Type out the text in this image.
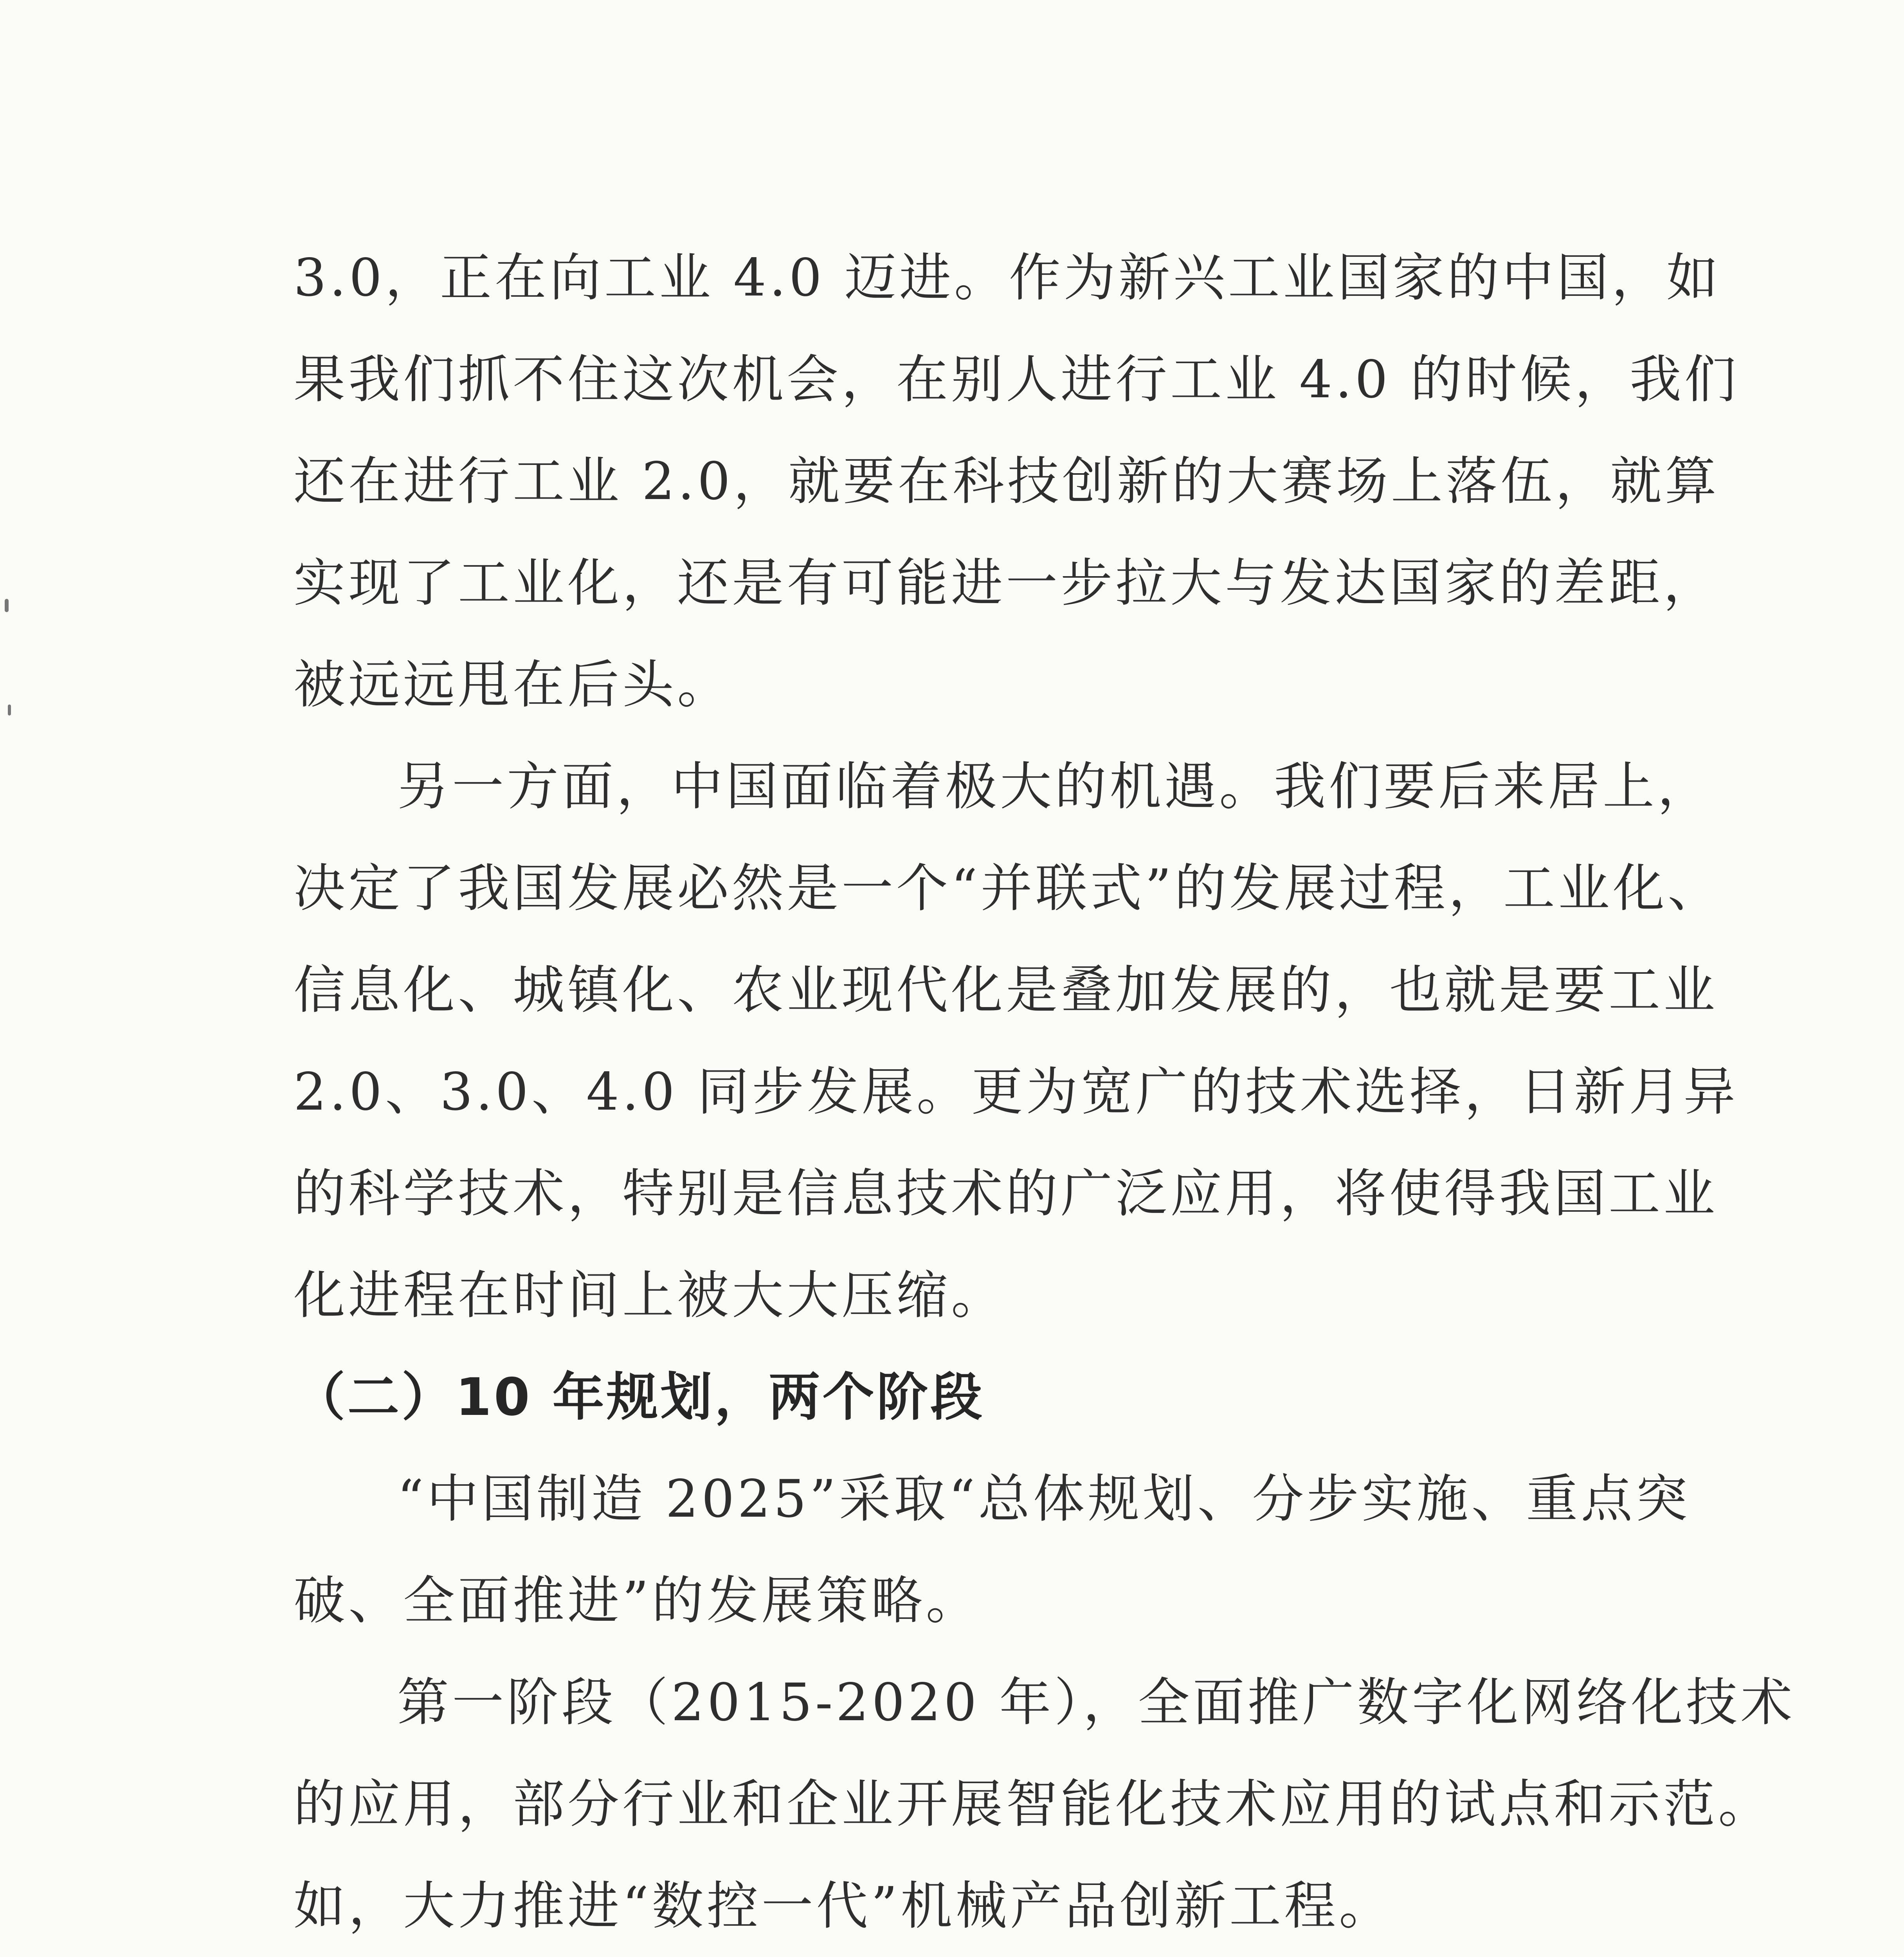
3.0，正在向工业 4.0 迈进。作为新兴工业国家的中国，如
果我们抓不住这次机会，在别人进行工业 4.0 的时候，我们
还在进行工业 2.0，就要在科技创新的大赛场上落伍，就算
实现了工业化，还是有可能进一步拉大与发达国家的差距，
被远远甩在后头。
另一方面，中国面临着极大的机遇。我们要后来居上，
决定了我国发展必然是一个“并联式”的发展过程，工业化、
信息化、城镇化、农业现代化是叠加发展的，也就是要工业
2.0、3.0、4.0 同步发展。更为宽广的技术选择，日新月异
的科学技术，特别是信息技术的广泛应用，将使得我国工业
化进程在时间上被大大压缩。
（二）10 年规划，两个阶段
“中国制造 2025”采取“总体规划、分步实施、重点突
破、全面推进”的发展策略。
第一阶段（2015-2020 年），全面推广数字化网络化技术
的应用，部分行业和企业开展智能化技术应用的试点和示范。
如，大力推进“数控一代”机械产品创新工程。
